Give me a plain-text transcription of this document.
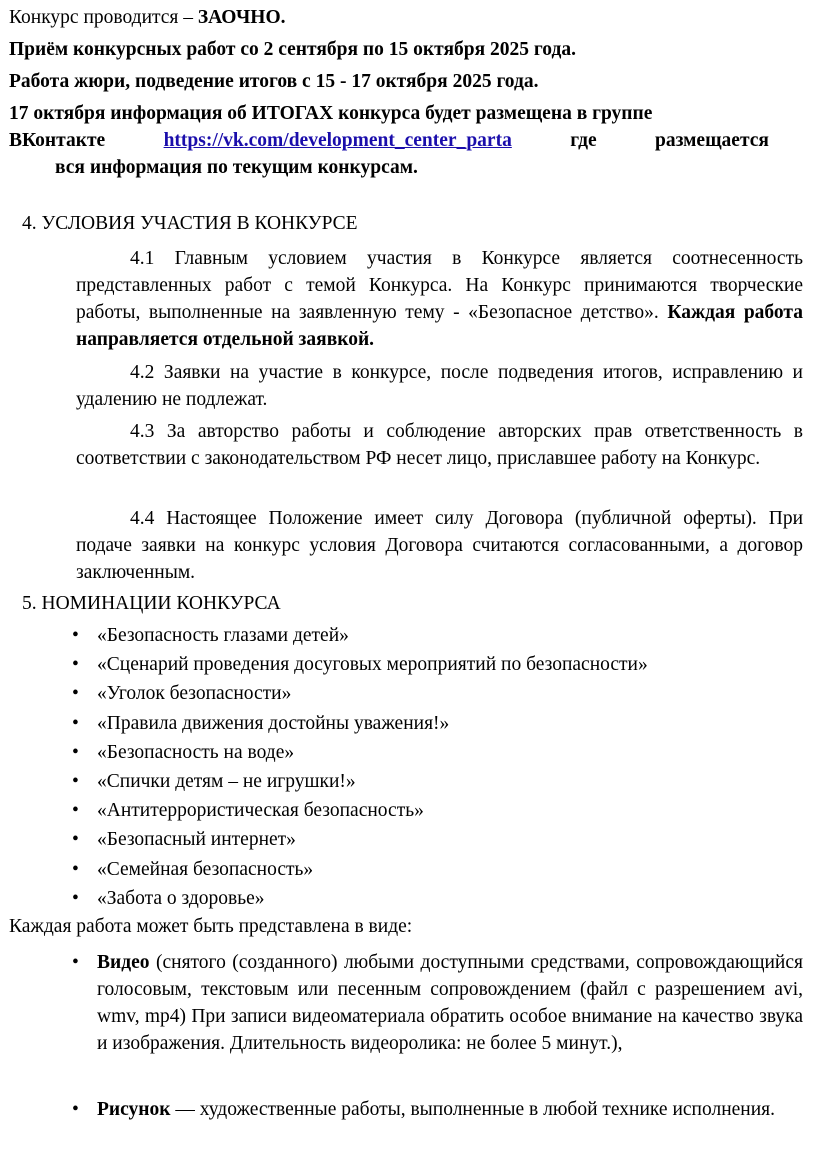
Конкурс проводится – ЗАОЧНО.

Приём конкурсных работ со 2 сентября по 15 октября 2025 года.

Работа жюри, подведение итогов с 15 - 17 октября 2025 года.

17 октября информация об ИТОГАХ конкурса будет размещена в группе

ВКонтакте	https://vk.com/development_center_parta	где	размещается

вся информация по текущим конкурсам.

4. УСЛОВИЯ УЧАСТИЯ В КОНКУРСЕ

4.1 Главным условием участия в Конкурсе является соотнесенность представленных работ с темой Конкурса. На Конкурс принимаются творческие работы, выполненные на заявленную тему - «Безопасное детство». Каждая работа направляется отдельной заявкой.

4.2 Заявки на участие в конкурсе, после подведения итогов, исправлению и удалению не подлежат.

4.3 За авторство работы и соблюдение авторских прав ответственность в соответствии с законодательством РФ несет лицо, приславшее работу на Конкурс.

4.4 Настоящее Положение имеет силу Договора (публичной оферты). При подаче заявки на конкурс условия Договора считаются согласованными, а договор заключенным.

5. НОМИНАЦИИ КОНКУРСА

• «Безопасность глазами детей»
• «Сценарий проведения досуговых мероприятий по безопасности»
• «Уголок безопасности»
• «Правила движения достойны уважения!»
• «Безопасность на воде»
• «Спички детям – не игрушки!»
• «Антитеррористическая безопасность»
• «Безопасный интернет»
• «Семейная безопасность»
• «Забота о здоровье»

Каждая работа может быть представлена в виде:

• Видео (снятого (созданного) любыми доступными средствами, сопровождающийся голосовым, текстовым или песенным сопровождением (файл с разрешением avi, wmv, mp4) При записи видеоматериала обратить особое внимание на качество звука и изображения. Длительность видеоролика: не более 5 минут.),
• Рисунок — художественные работы, выполненные в любой технике исполнения.
